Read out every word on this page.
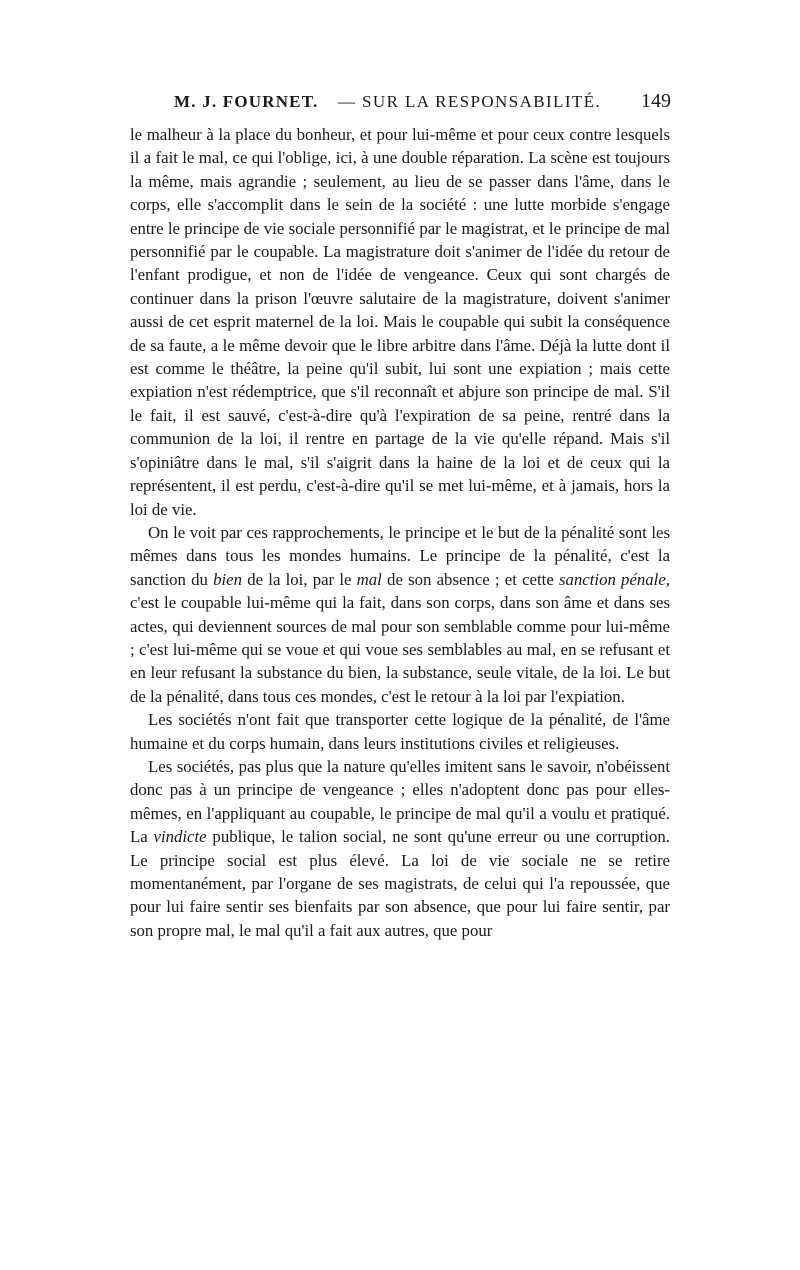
M. J. FOURNET. — SUR LA RESPONSABILITÉ. 149

le malheur à la place du bonheur, et pour lui-même et pour ceux contre lesquels il a fait le mal, ce qui l'oblige, ici, à une double réparation. La scène est toujours la même, mais agrandie ; seulement, au lieu de se passer dans l'âme, dans le corps, elle s'accomplit dans le sein de la société : une lutte morbide s'engage entre le principe de vie sociale personnifié par le magistrat, et le principe de mal personnifié par le coupable. La magistrature doit s'animer de l'idée du retour de l'enfant prodigue, et non de l'idée de vengeance. Ceux qui sont chargés de continuer dans la prison l'œuvre salutaire de la magistrature, doivent s'animer aussi de cet esprit maternel de la loi. Mais le coupable qui subit la conséquence de sa faute, a le même devoir que le libre arbitre dans l'âme. Déjà la lutte dont il est comme le théâtre, la peine qu'il subit, lui sont une expiation ; mais cette expiation n'est rédemptrice, que s'il reconnaît et abjure son principe de mal. S'il le fait, il est sauvé, c'est-à-dire qu'à l'expiration de sa peine, rentré dans la communion de la loi, il rentre en partage de la vie qu'elle répand. Mais s'il s'opiniâtre dans le mal, s'il s'aigrit dans la haine de la loi et de ceux qui la représentent, il est perdu, c'est-à-dire qu'il se met lui-même, et à jamais, hors la loi de vie.

On le voit par ces rapprochements, le principe et le but de la pénalité sont les mêmes dans tous les mondes humains. Le principe de la pénalité, c'est la sanction du bien de la loi, par le mal de son absence ; et cette sanction pénale, c'est le coupable lui-même qui la fait, dans son corps, dans son âme et dans ses actes, qui deviennent sources de mal pour son semblable comme pour lui-même ; c'est lui-même qui se voue et qui voue ses semblables au mal, en se refusant et en leur refusant la substance du bien, la substance, seule vitale, de la loi. Le but de la pénalité, dans tous ces mondes, c'est le retour à la loi par l'expiation.

Les sociétés n'ont fait que transporter cette logique de la pénalité, de l'âme humaine et du corps humain, dans leurs institutions civiles et religieuses.

Les sociétés, pas plus que la nature qu'elles imitent sans le savoir, n'obéissent donc pas à un principe de vengeance ; elles n'adoptent donc pas pour elles-mêmes, en l'appliquant au coupable, le principe de mal qu'il a voulu et pratiqué. La vindicte publique, le talion social, ne sont qu'une erreur ou une corruption. Le principe social est plus élevé. La loi de vie sociale ne se retire momentanément, par l'organe de ses magistrats, de celui qui l'a repoussée, que pour lui faire sentir ses bienfaits par son absence, que pour lui faire sentir, par son propre mal, le mal qu'il a fait aux autres, que pour
